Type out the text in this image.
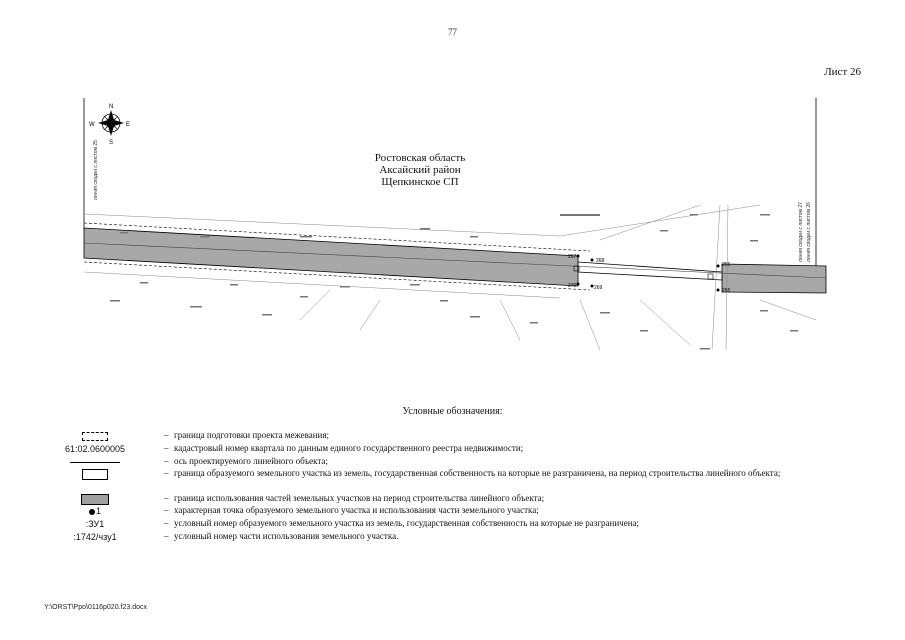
77
Лист 26
линия сводки с листом 25
линия сводки с листом 27 линия сводки с листом 26
N
S
E
W
267
268
270	269
266
265
Ростовская область
Аксайский район
Щепкинское СП
Условные обозначения:
– граница подготовки проекта межевания;
61:02.0600005	– кадастровый номер квартала по данным единого государственного реестра недвижимости;
– ось проектируемого линейного объекта;
– граница образуемого земельного участка из земель, государственная собственность на которые не разграничена, на период строительства линейного объекта;
– граница использования частей земельных участков на период строительства линейного объекта;
1	– характерная точка образуемого земельного участка и использования части земельного участка;
:ЗУ1	– условный номер образуемого земельного участка из земель, государственная собственность на которые не разграничена;
:1742/чзу1	– условный номер части использования земельного участка.
Y:\ORST\Ppo\0116p020.f23.docx
